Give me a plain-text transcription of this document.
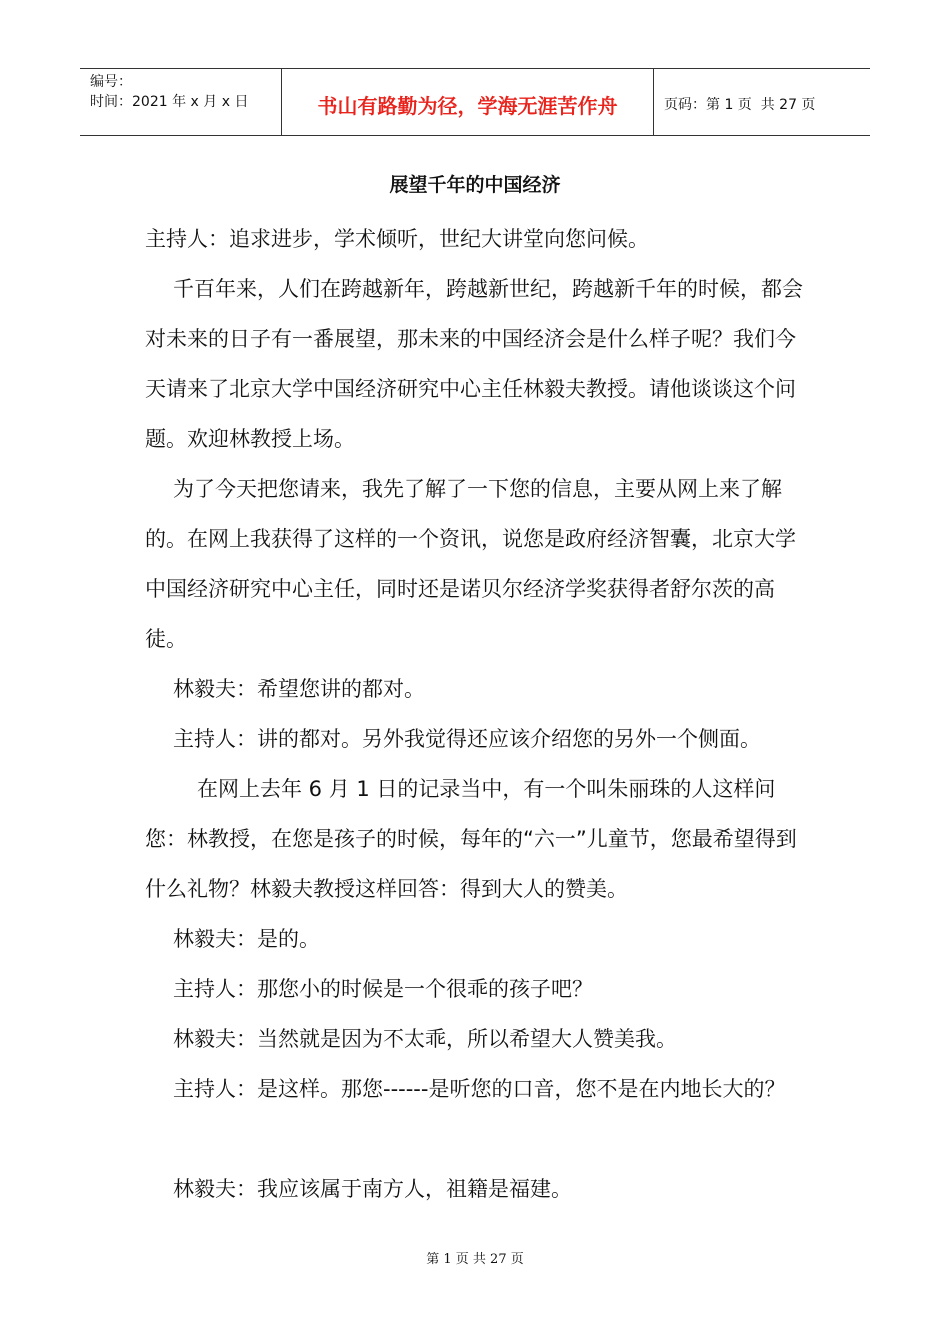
编号：
时间：2021 年 x 月 x 日	书山有路勤为径，学海无涯苦作舟	页码：第 1 页  共 27 页
展望千年的中国经济

主持人：追求进步，学术倾听，世纪大讲堂向您问候。

千百年来，人们在跨越新年，跨越新世纪，跨越新千年的时候，都会对未来的日子有一番展望，那未来的中国经济会是什么样子呢？我们今天请来了北京大学中国经济研究中心主任林毅夫教授。请他谈谈这个问题。欢迎林教授上场。

为了今天把您请来，我先了解了一下您的信息，主要从网上来了解的。在网上我获得了这样的一个资讯，说您是政府经济智囊，北京大学中国经济研究中心主任，同时还是诺贝尔经济学奖获得者舒尔茨的高徒。

林毅夫：希望您讲的都对。

主持人：讲的都对。另外我觉得还应该介绍您的另外一个侧面。

在网上去年 6 月 1 日的记录当中，有一个叫朱丽珠的人这样问您：林教授，在您是孩子的时候，每年的“六一”儿童节，您最希望得到什么礼物？林毅夫教授这样回答：得到大人的赞美。

林毅夫：是的。

主持人：那您小的时候是一个很乖的孩子吧？

林毅夫：当然就是因为不太乖，所以希望大人赞美我。

主持人：是这样。那您------是听您的口音，您不是在内地长大的？

林毅夫：我应该属于南方人，祖籍是福建。

第 1 页 共 27 页
